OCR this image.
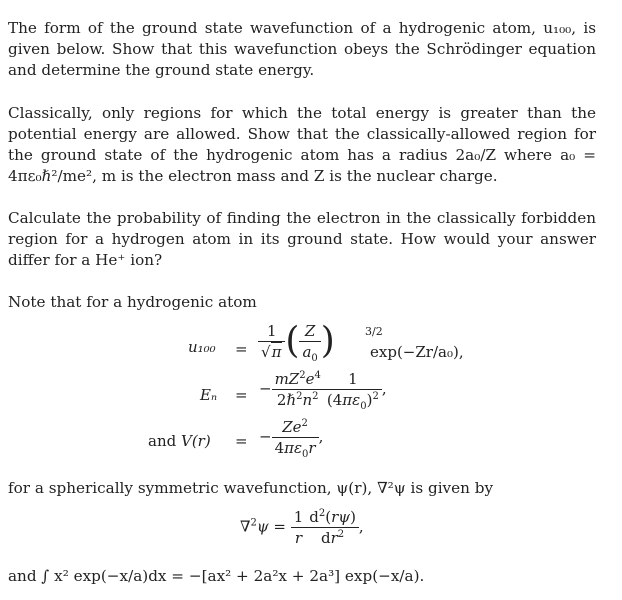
The form of the ground state wavefunction of a hydrogenic atom, u₁₀₀, is given below. Show that this wavefunction obeys the Schrödinger equation and determine the ground state energy.
Classically, only regions for which the total energy is greater than the potential energy are allowed. Show that the classically-allowed region for the ground state of the hydrogenic atom has a radius 2a₀/Z where a₀ = 4πε₀ℏ²/me², m is the electron mass and Z is the nuclear charge.
Calculate the probability of finding the electron in the classically forbidden region for a hydrogen atom in its ground state. How would your answer differ for a He⁺ ion?
Note that for a hydrogenic atom
$u_{100} = \frac{1}{√\pi}$ ( $\frac{Z}{a_0}$ )	3/2
exp(−Zr/a₀),
Eₙ = − $\frac{mZ^2e^4}{2\hbar^2n^2} \frac{1}{(4\pi\varepsilon_0)^2}$ ,
and V(r) = − $\frac{Ze^2}{4\pi\varepsilon_0r}$ ,
for a spherically symmetric wavefunction, ψ(r), ∇²ψ is given by
$\nabla^2\psi = \frac{1}{r} \frac{d^2(r\psi)}{dr^2}$ ,
and ∫ x² exp(−x/a)dx = −[ax² + 2a²x + 2a³] exp(−x/a).
